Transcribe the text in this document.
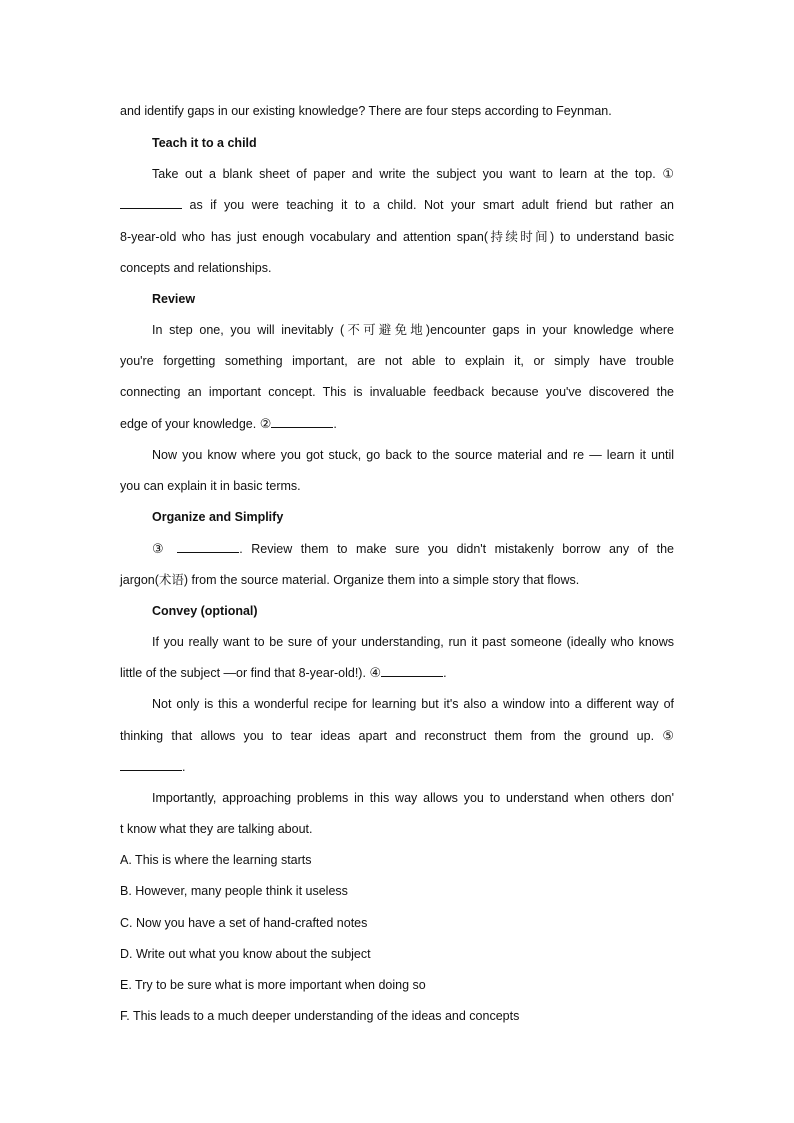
and identify gaps in our existing knowledge? There are four steps according to Feynman.
Teach it to a child
Take out a blank sheet of paper and write the subject you want to learn at the top. ①
as if you were teaching it to a child. Not your smart adult friend but rather an
8-year-old who has just enough vocabulary and attention span(持续时间) to understand basic
concepts and relationships.
Review
In step one, you will inevitably (不可避免地)encounter gaps in your knowledge where
you're forgetting something important, are not able to explain it, or simply have trouble
connecting an important concept. This is invaluable feedback because you've discovered the
edge of your knowledge. ②	.
Now you know where you got stuck, go back to the source material and re — learn it until
you can explain it in basic terms.
Organize and Simplify
③	. Review them to make sure you didn't mistakenly borrow any of the
jargon(术语) from the source material. Organize them into a simple story that flows.
Convey (optional)
If you really want to be sure of your understanding, run it past someone (ideally who knows
little of the subject —or find that 8-year-old!). ④	.
Not only is this a wonderful recipe for learning but it's also a window into a different way of
thinking that allows you to tear ideas apart and reconstruct them from the ground up. ⑤
.
Importantly, approaching problems in this way allows you to understand when others don'
t know what they are talking about.
A. This is where the learning starts
B. However, many people think it useless
C. Now you have a set of hand-crafted notes
D. Write out what you know about the subject
E. Try to be sure what is more important when doing so
F. This leads to a much deeper understanding of the ideas and concepts
